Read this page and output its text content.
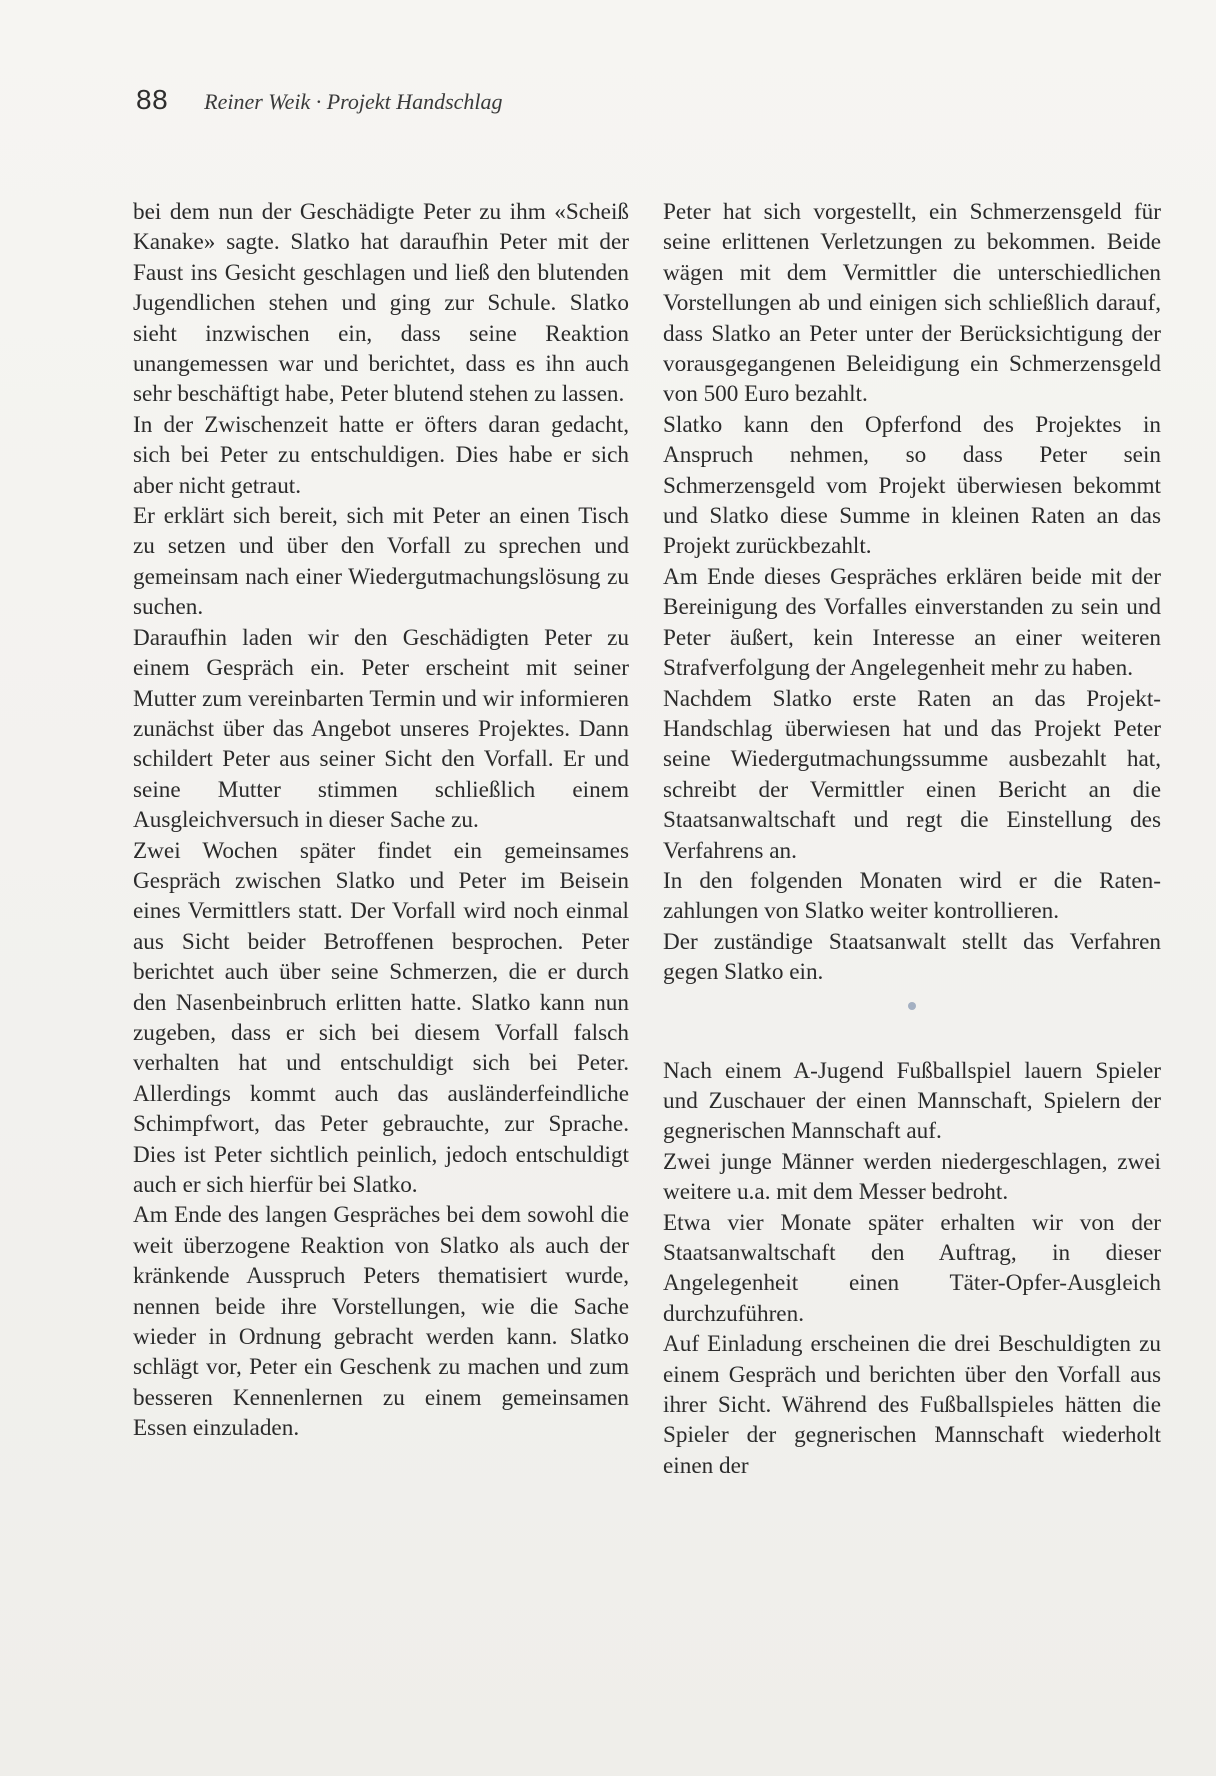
88 Reiner Weik · Projekt Handschlag

bei dem nun der Geschädigte Peter zu ihm «Scheiß Kanake» sagte. Slatko hat daraufhin Peter mit der Faust ins Gesicht geschlagen und ließ den blutenden Jugendlichen stehen und ging zur Schule. Slatko sieht inzwischen ein, dass seine Reaktion unangemessen war und berichtet, dass es ihn auch sehr beschäftigt habe, Peter blutend stehen zu lassen.

In der Zwischenzeit hatte er öfters daran gedacht, sich bei Peter zu entschuldigen. Dies habe er sich aber nicht getraut.

Er erklärt sich bereit, sich mit Peter an einen Tisch zu setzen und über den Vorfall zu sprechen und gemeinsam nach einer Wiedergutmachungslösung zu suchen.

Daraufhin laden wir den Geschädigten Peter zu einem Gespräch ein. Peter erscheint mit seiner Mutter zum vereinbarten Termin und wir informieren zunächst über das Angebot unseres Projektes. Dann schildert Peter aus seiner Sicht den Vorfall. Er und seine Mutter stimmen schließlich einem Ausgleichversuch in dieser Sache zu.

Zwei Wochen später findet ein gemeinsames Gespräch zwischen Slatko und Peter im Beisein eines Vermittlers statt. Der Vorfall wird noch einmal aus Sicht beider Betroffenen besprochen. Peter berichtet auch über seine Schmerzen, die er durch den Nasenbeinbruch erlitten hatte. Slatko kann nun zugeben, dass er sich bei diesem Vorfall falsch verhalten hat und entschuldigt sich bei Peter. Allerdings kommt auch das ausländerfeindliche Schimpfwort, das Peter gebrauchte, zur Sprache. Dies ist Peter sichtlich peinlich, jedoch entschuldigt auch er sich hierfür bei Slatko.

Am Ende des langen Gespräches bei dem sowohl die weit überzogene Reaktion von Slatko als auch der kränkende Ausspruch Peters thematisiert wurde, nennen beide ihre Vorstellungen, wie die Sache wieder in Ordnung gebracht werden kann. Slatko schlägt vor, Peter ein Geschenk zu machen und zum besseren Kennenlernen zu einem gemeinsamen Essen einzuladen.

Peter hat sich vorgestellt, ein Schmerzensgeld für seine erlittenen Verletzungen zu bekommen. Beide wägen mit dem Vermittler die unterschiedlichen Vorstellungen ab und einigen sich schließlich darauf, dass Slatko an Peter unter der Berücksichtigung der vorausgegangenen Beleidigung ein Schmerzensgeld von 500 Euro bezahlt.

Slatko kann den Opferfond des Projektes in Anspruch nehmen, so dass Peter sein Schmerzensgeld vom Projekt überwiesen bekommt und Slatko diese Summe in kleinen Raten an das Projekt zurückbezahlt.

Am Ende dieses Gespräches erklären beide mit der Bereinigung des Vorfalles einverstanden zu sein und Peter äußert, kein Interesse an einer weiteren Strafverfolgung der Angelegenheit mehr zu haben.

Nachdem Slatko erste Raten an das Projekt-Handschlag überwiesen hat und das Projekt Peter seine Wiedergutmachungssumme ausbezahlt hat, schreibt der Vermittler einen Bericht an die Staatsanwaltschaft und regt die Einstellung des Verfahrens an.

In den folgenden Monaten wird er die Ratenzahlungen von Slatko weiter kontrollieren.

Der zuständige Staatsanwalt stellt das Verfahren gegen Slatko ein.

Nach einem A-Jugend Fußballspiel lauern Spieler und Zuschauer der einen Mannschaft, Spielern der gegnerischen Mannschaft auf.

Zwei junge Männer werden niedergeschlagen, zwei weitere u.a. mit dem Messer bedroht.

Etwa vier Monate später erhalten wir von der Staatsanwaltschaft den Auftrag, in dieser Angelegenheit einen Täter-Opfer-Ausgleich durchzuführen.

Auf Einladung erscheinen die drei Beschuldigten zu einem Gespräch und berichten über den Vorfall aus ihrer Sicht. Während des Fußballspieles hätten die Spieler der gegnerischen Mannschaft wiederholt einen der
